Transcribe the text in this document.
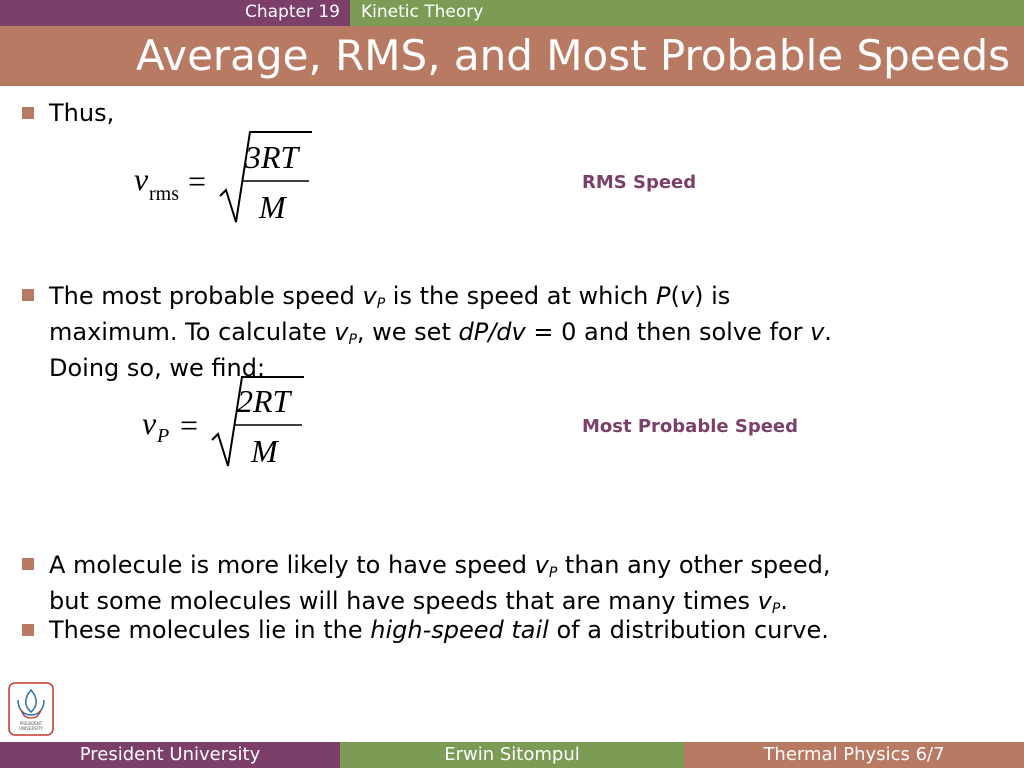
Chapter 19	Kinetic Theory
Average, RMS, and Most Probable Speeds
Thus,
v rms =
3RT
M
RMS Speed
The most probable speed $v_P$ is the speed at which P(v) is
maximum. To calculate $v_P$, we set dP/dv = 0 and then solve for v.
Doing so, we find:
v P =
2RT
M
Most Probable Speed
A molecule is more likely to have speed $v_P$ than any other speed,
but some molecules will have speeds that are many times $v_P$.
These molecules lie in the high-speed tail of a distribution curve.
PRESIDENT
UNIVERSITY
President University	Erwin Sitompul	Thermal Physics 6/7
